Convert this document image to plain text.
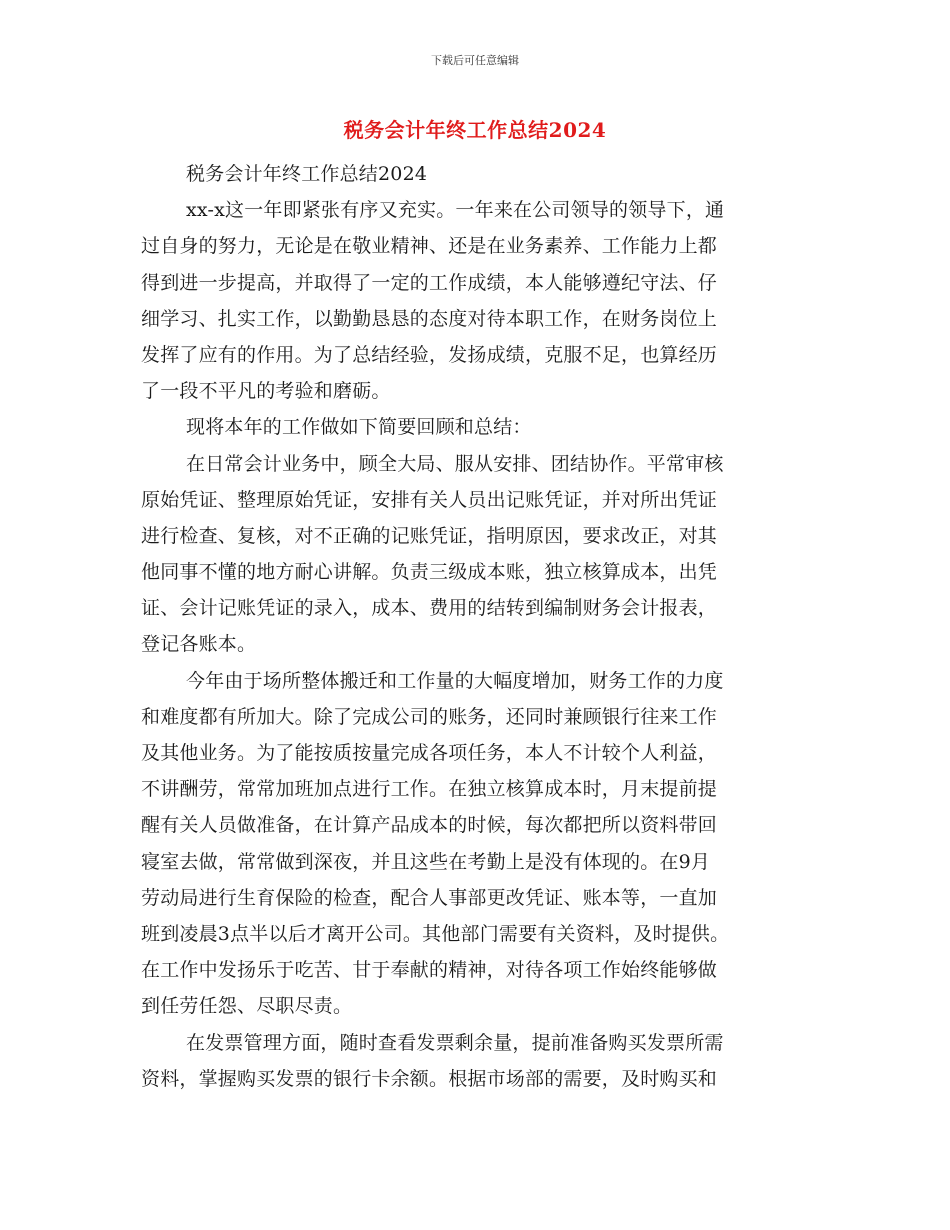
下载后可任意编辑
税务会计年终工作总结2024
税务会计年终工作总结2024
xx-x这一年即紧张有序又充实。一年来在公司领导的领导下，通
过自身的努力，无论是在敬业精神、还是在业务素养、工作能力上都
得到进一步提高，并取得了一定的工作成绩，本人能够遵纪守法、仔
细学习、扎实工作，以勤勤恳恳的态度对待本职工作，在财务岗位上
发挥了应有的作用。为了总结经验，发扬成绩，克服不足，也算经历
了一段不平凡的考验和磨砺。
现将本年的工作做如下简要回顾和总结：
在日常会计业务中，顾全大局、服从安排、团结协作。平常审核
原始凭证、整理原始凭证，安排有关人员出记账凭证，并对所出凭证
进行检查、复核，对不正确的记账凭证，指明原因，要求改正，对其
他同事不懂的地方耐心讲解。负责三级成本账，独立核算成本，出凭
证、会计记账凭证的录入，成本、费用的结转到编制财务会计报表，
登记各账本。
今年由于场所整体搬迁和工作量的大幅度增加，财务工作的力度
和难度都有所加大。除了完成公司的账务，还同时兼顾银行往来工作
及其他业务。为了能按质按量完成各项任务，本人不计较个人利益，
不讲酬劳，常常加班加点进行工作。在独立核算成本时，月末提前提
醒有关人员做准备，在计算产品成本的时候，每次都把所以资料带回
寝室去做，常常做到深夜，并且这些在考勤上是没有体现的。在9月
劳动局进行生育保险的检查，配合人事部更改凭证、账本等，一直加
班到凌晨3点半以后才离开公司。其他部门需要有关资料，及时提供。
在工作中发扬乐于吃苦、甘于奉献的精神，对待各项工作始终能够做
到任劳任怨、尽职尽责。
在发票管理方面，随时查看发票剩余量，提前准备购买发票所需
资料，掌握购买发票的银行卡余额。根据市场部的需要，及时购买和
